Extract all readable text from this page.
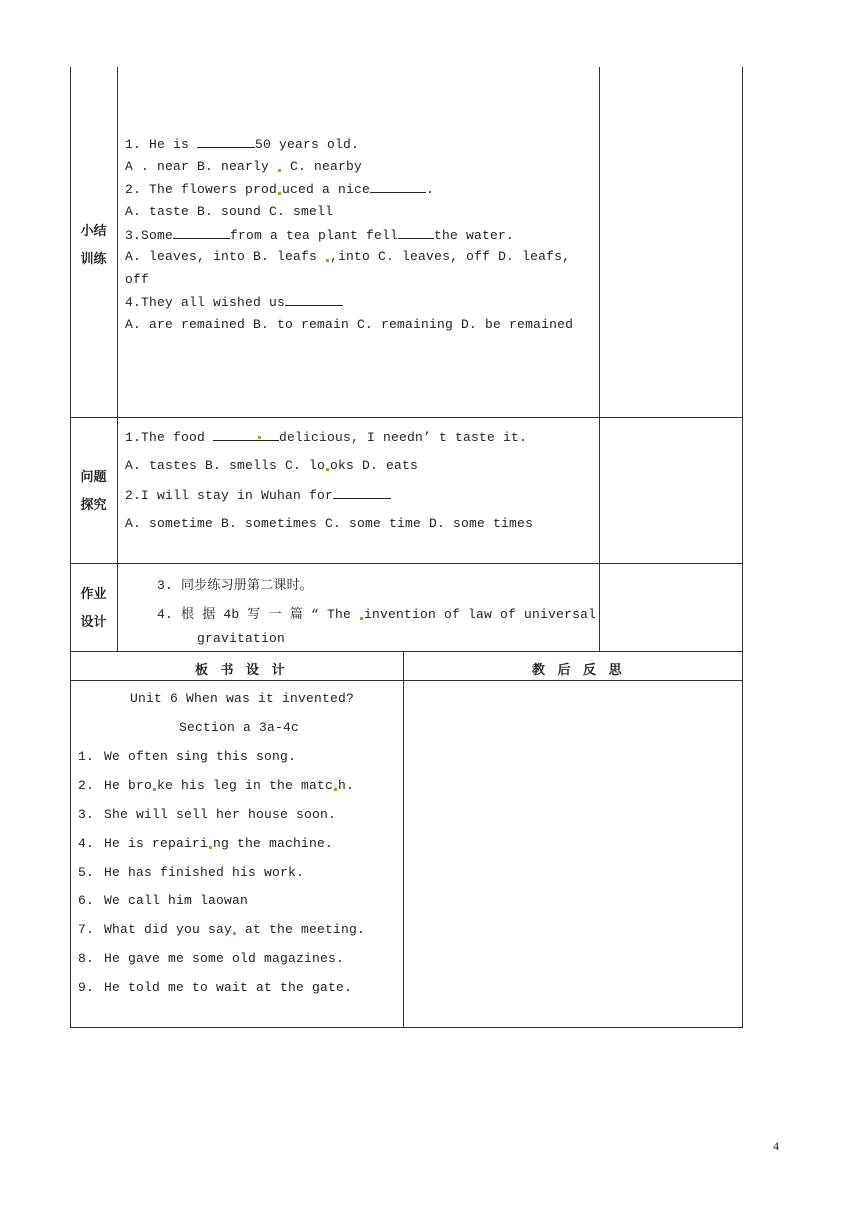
小结
训练
1. He is	50 years old.
A . near B. nearly  C. nearby
2. The flowers prod uced a nice	.
A. taste B. sound C. smell
3.Some	from a tea plant fell	the water.
A. leaves, into B. leafs ,into C. leaves, off D. leafs,
off
4.They all wished us
A. are remained B. to remain C. remaining D. be remained
问题
探究
1.The food	delicious, I needn’ t taste it.
A. tastes B. smells C. lo oks D. eats
2.I will stay in Wuhan for
A. sometime B. sometimes C. some time D. some times
作业
设计
3. 同步练习册第二课时。
4. 根 据 4b 写 一 篇 “ The invention of law of universal
gravitation
板 书 设 计	教 后 反 思
Unit 6 When was it invented?
Section a 3a-4c
1. We often sing this song.
2. He bro ke his leg in the matc h.
3. She will sell her house soon.
4. He is repairi ng the machine.
5. He has finished his work.
6. We call him laowan
7. What did you say at the meeting.
8. He gave me some old magazines.
9. He told me to wait at the gate.
4
